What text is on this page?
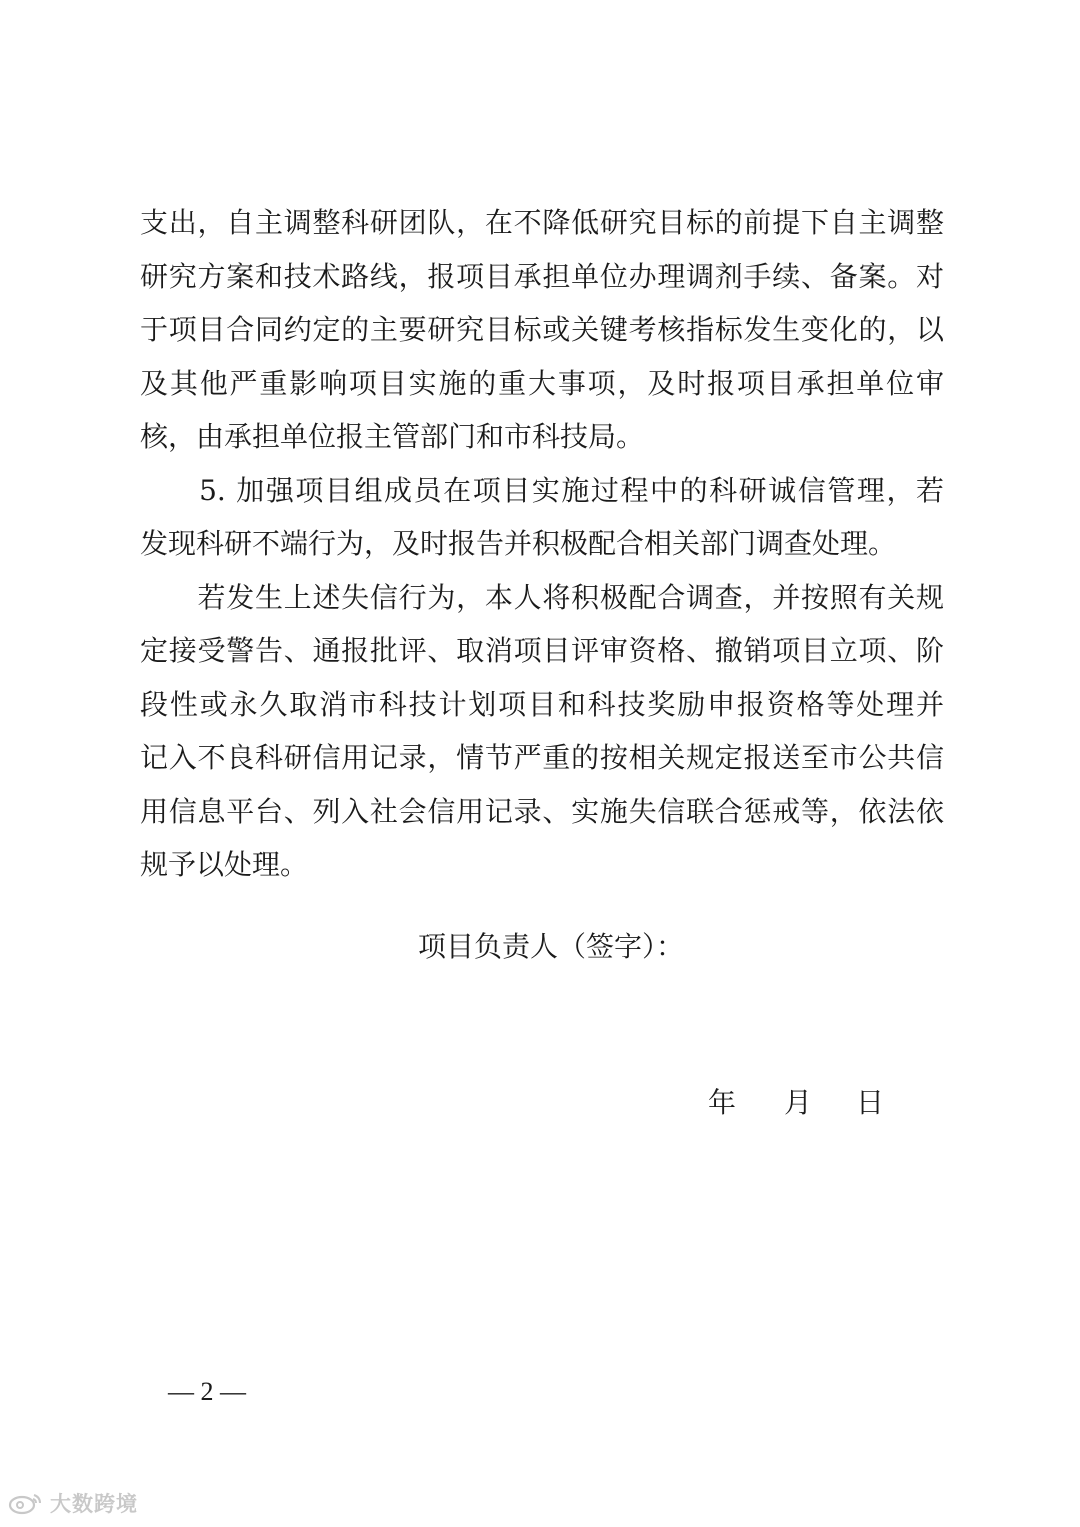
支出，自主调整科研团队，在不降低研究目标的前提下自主调整
研究方案和技术路线，报项目承担单位办理调剂手续、备案。对
于项目合同约定的主要研究目标或关键考核指标发生变化的，以
及其他严重影响项目实施的重大事项，及时报项目承担单位审
核，由承担单位报主管部门和市科技局。
　　5. 加强项目组成员在项目实施过程中的科研诚信管理，若
发现科研不端行为，及时报告并积极配合相关部门调查处理。
　　若发生上述失信行为，本人将积极配合调查，并按照有关规
定接受警告、通报批评、取消项目评审资格、撤销项目立项、阶
段性或永久取消市科技计划项目和科技奖励申报资格等处理并
记入不良科研信用记录，情节严重的按相关规定报送至市公共信
用信息平台、列入社会信用记录、实施失信联合惩戒等，依法依
规予以处理。
项目负责人（签字）：
年	月	日
— 2 —
大数跨境
